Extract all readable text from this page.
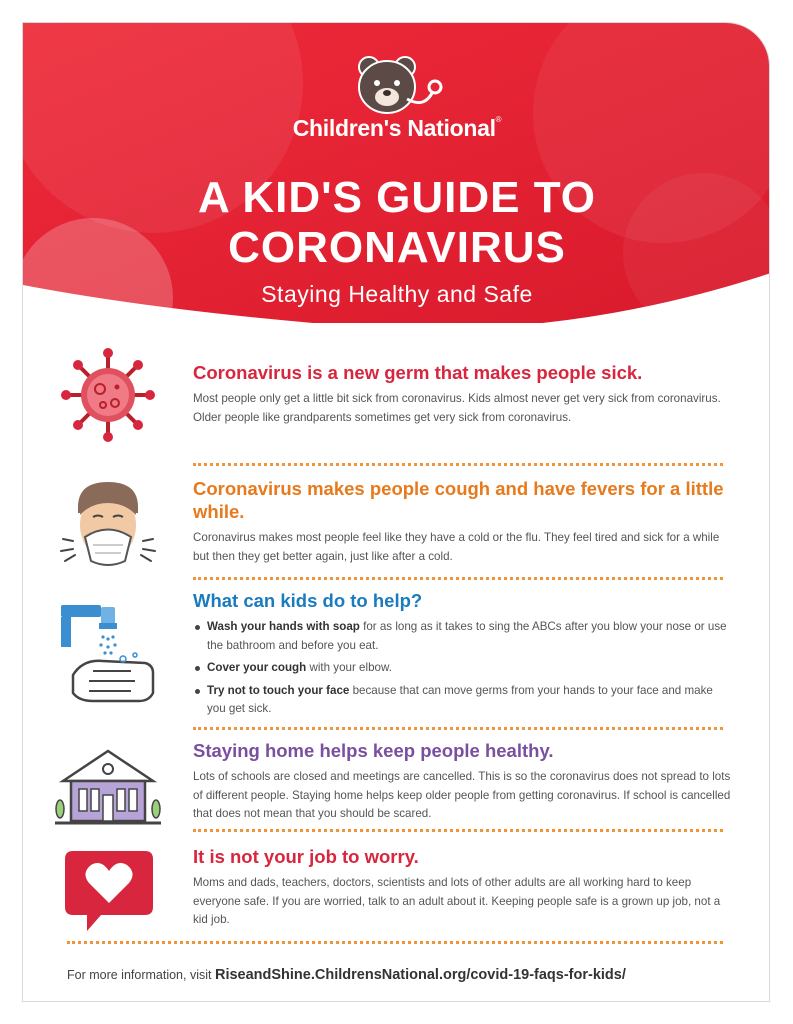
Children's National®
A KID'S GUIDE TO
CORONAVIRUS
Staying Healthy and Safe
Coronavirus is a new germ that makes people sick.
Most people only get a little bit sick from coronavirus. Kids almost never get very sick from coronavirus. Older people like grandparents sometimes get very sick from coronavirus.
Coronavirus makes people cough and have fevers for a little while.
Coronavirus makes most people feel like they have a cold or the flu. They feel tired and sick for a while but then they get better again, just like after a cold.
What can kids do to help?
Wash your hands with soap for as long as it takes to sing the ABCs after you blow your nose or use the bathroom and before you eat.
Cover your cough with your elbow.
Try not to touch your face because that can move germs from your hands to your face and make you get sick.
Staying home helps keep people healthy.
Lots of schools are closed and meetings are cancelled. This is so the coronavirus does not spread to lots of different people. Staying home helps keep older people from getting coronavirus. If school is cancelled that does not mean that you should be scared.
It is not your job to worry.
Moms and dads, teachers, doctors, scientists and lots of other adults are all working hard to keep everyone safe. If you are worried, talk to an adult about it. Keeping people safe is a grown up job, not a kid job.
For more information, visit RiseandShine.ChildrensNational.org/covid-19-faqs-for-kids/
